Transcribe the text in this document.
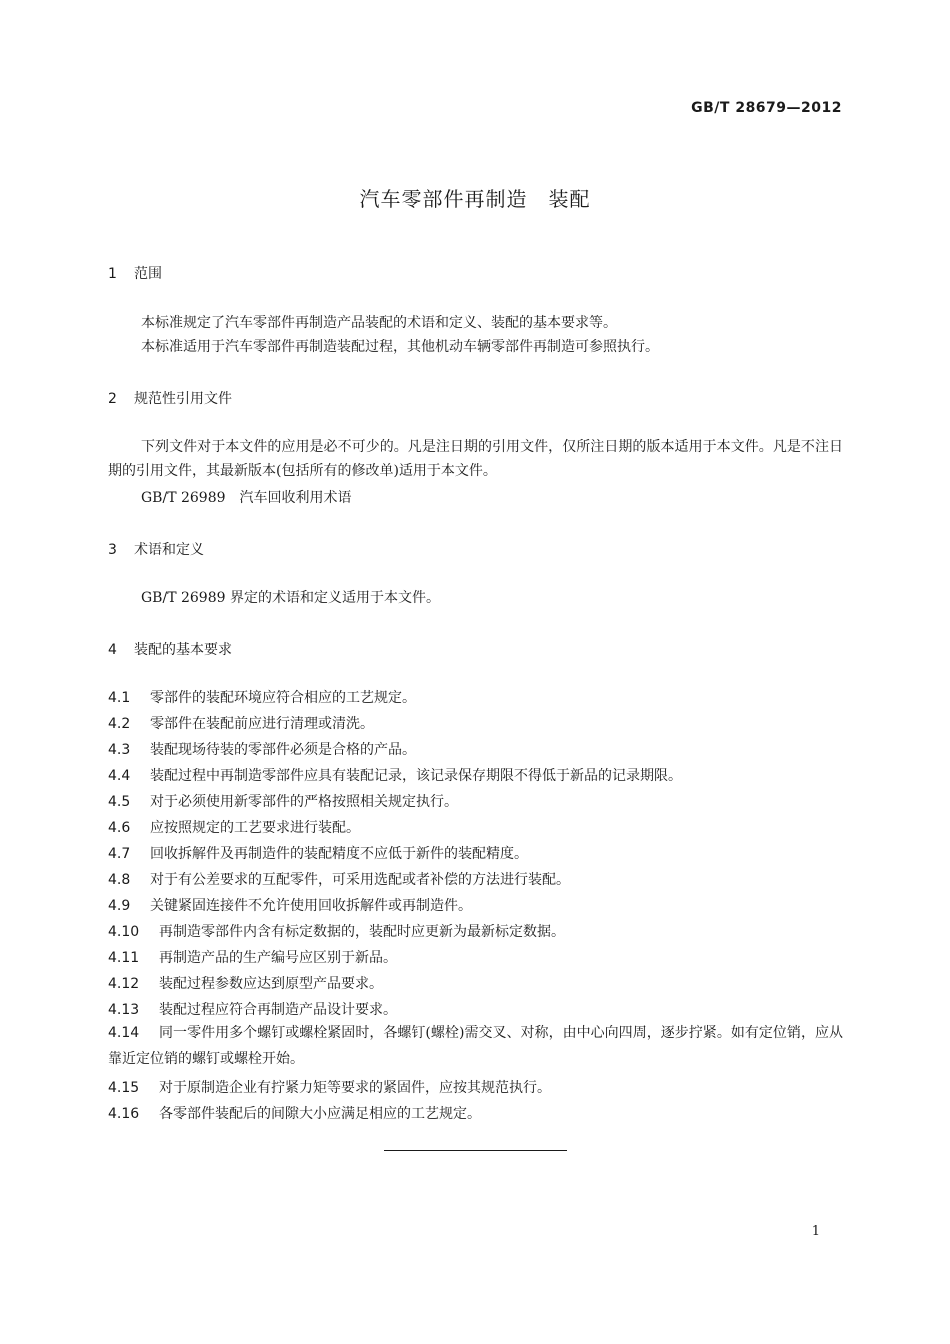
GB/T 28679—2012
汽车零部件再制造　装配
1 范围
本标准规定了汽车零部件再制造产品装配的术语和定义、装配的基本要求等。
本标准适用于汽车零部件再制造装配过程，其他机动车辆零部件再制造可参照执行。
2 规范性引用文件
下列文件对于本文件的应用是必不可少的。凡是注日期的引用文件，仅所注日期的版本适用于本文件。凡是不注日期的引用文件，其最新版本(包括所有的修改单)适用于本文件。
GB/T 26989　汽车回收利用术语
3 术语和定义
GB/T 26989 界定的术语和定义适用于本文件。
4 装配的基本要求
4.1 零部件的装配环境应符合相应的工艺规定。
4.2 零部件在装配前应进行清理或清洗。
4.3 装配现场待装的零部件必须是合格的产品。
4.4 装配过程中再制造零部件应具有装配记录，该记录保存期限不得低于新品的记录期限。
4.5 对于必须使用新零部件的严格按照相关规定执行。
4.6 应按照规定的工艺要求进行装配。
4.7 回收拆解件及再制造件的装配精度不应低于新件的装配精度。
4.8 对于有公差要求的互配零件，可采用选配或者补偿的方法进行装配。
4.9 关键紧固连接件不允许使用回收拆解件或再制造件。
4.10 再制造零部件内含有标定数据的，装配时应更新为最新标定数据。
4.11 再制造产品的生产编号应区别于新品。
4.12 装配过程参数应达到原型产品要求。
4.13 装配过程应符合再制造产品设计要求。
4.14 同一零件用多个螺钉或螺栓紧固时，各螺钉(螺栓)需交叉、对称，由中心向四周，逐步拧紧。如有定位销，应从靠近定位销的螺钉或螺栓开始。
4.15 对于原制造企业有拧紧力矩等要求的紧固件，应按其规范执行。
4.16 各零部件装配后的间隙大小应满足相应的工艺规定。
1
